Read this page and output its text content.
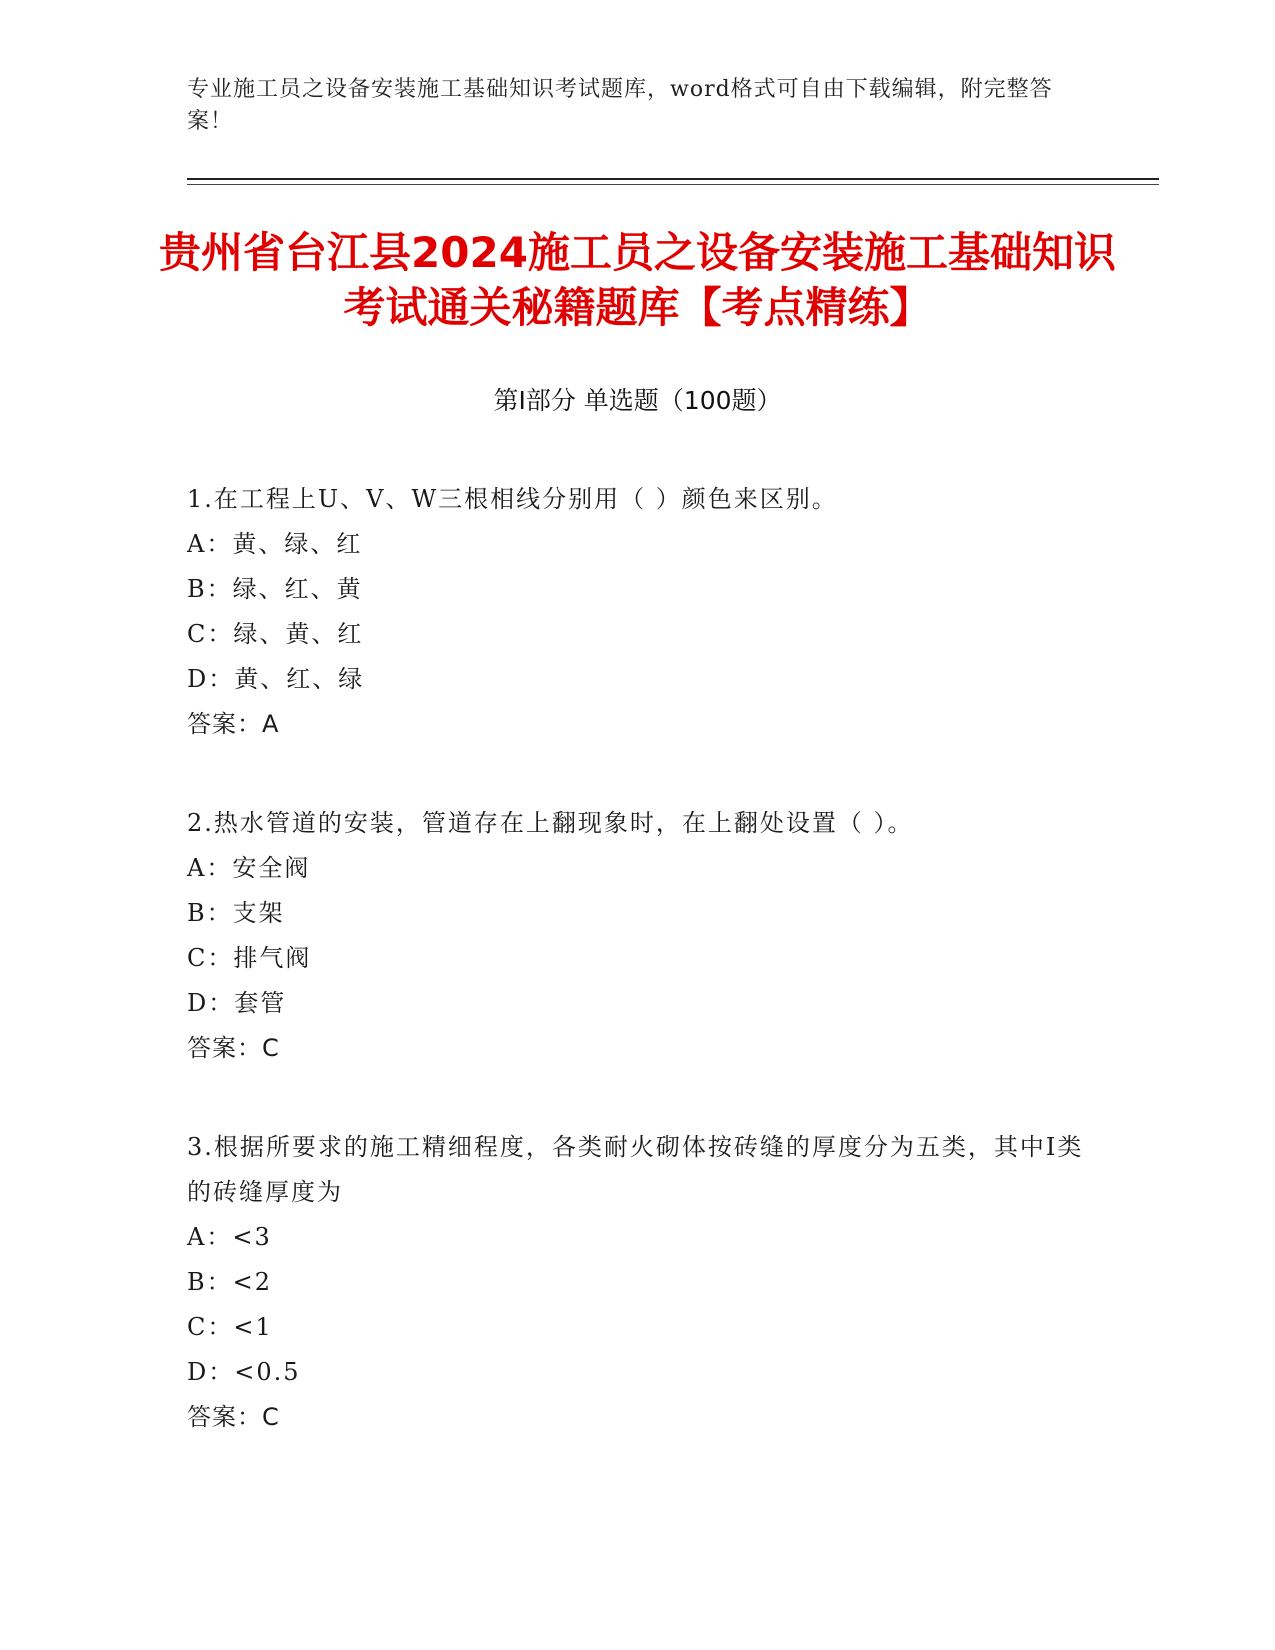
专业施工员之设备安装施工基础知识考试题库，word格式可自由下载编辑，附完整答案！
贵州省台江县2024施工员之设备安装施工基础知识考试通关秘籍题库【考点精练】
第I部分 单选题（100题）

1.在工程上U、V、W三根相线分别用（ ）颜色来区别。

A：黄、绿、红

B：绿、红、黄

C：绿、黄、红

D：黄、红、绿

答案：A

2.热水管道的安装，管道存在上翻现象时，在上翻处设置（ ）。

A：安全阀

B：支架

C：排气阀

D：套管

答案：C

3.根据所要求的施工精细程度，各类耐火砌体按砖缝的厚度分为五类，其中I类的砖缝厚度为

A：<3

B：<2

C：<1

D：<0.5

答案：C
